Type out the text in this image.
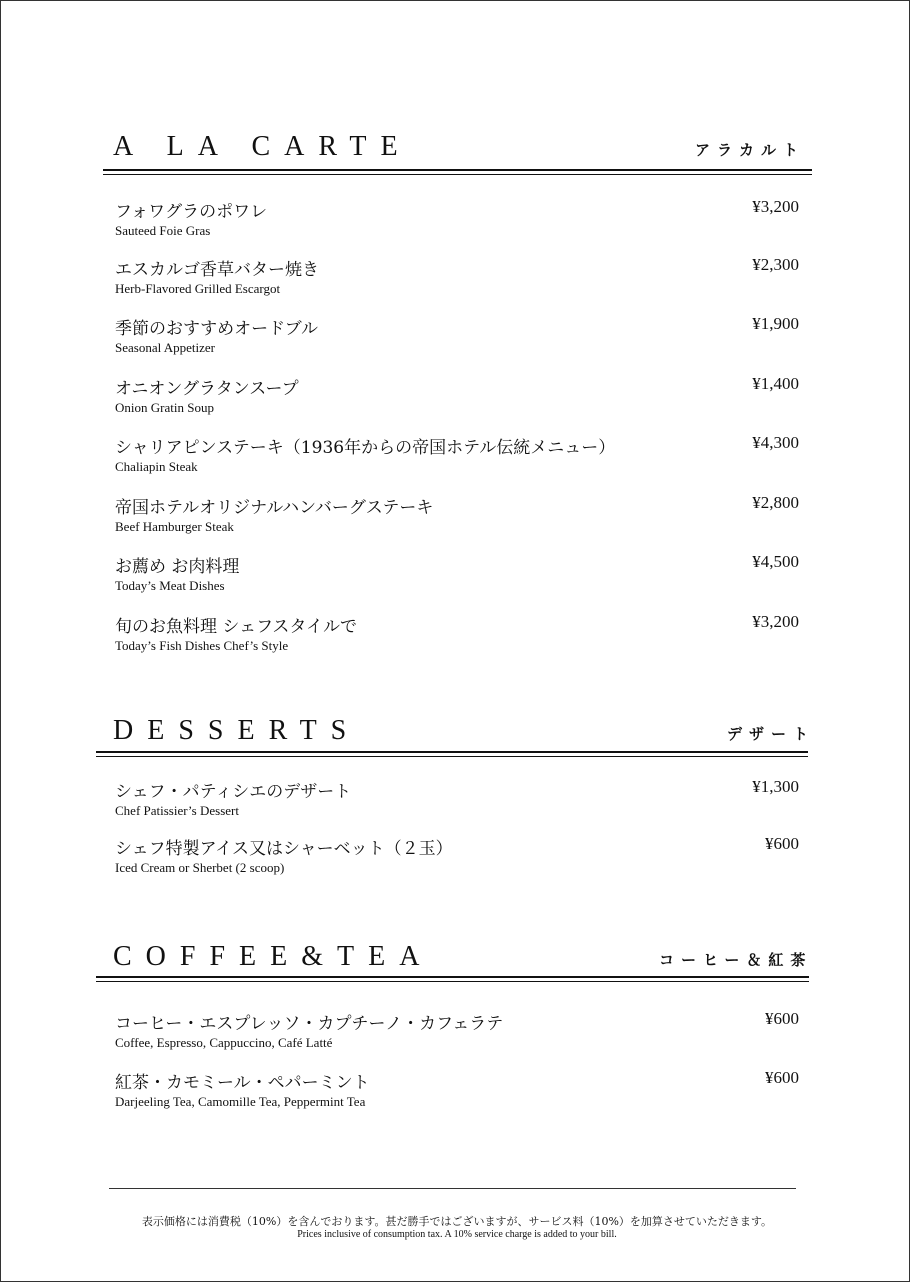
A LA CARTE	アラカルト
フォワグラのポワレ
Sauteed Foie Gras
¥3,200
エスカルゴ香草バター焼き
Herb-Flavored Grilled Escargot
¥2,300
季節のおすすめオードブル
Seasonal Appetizer
¥1,900
オニオングラタンスープ
Onion Gratin Soup
¥1,400
シャリアピンステーキ（1936年からの帝国ホテル伝統メニュー）
Chaliapin Steak
¥4,300
帝国ホテルオリジナルハンバーグステーキ
Beef Hamburger Steak
¥2,800
お薦め お肉料理
Today’s Meat Dishes
¥4,500
旬のお魚料理 シェフスタイルで
Today’s Fish Dishes Chef’s Style
¥3,200
DESSERTS	デザート
シェフ・パティシエのデザート
Chef Patissier’s Dessert
¥1,300
シェフ特製アイス又はシャーベット（２玉）
Iced Cream or Sherbet (2 scoop)
¥600
COFFEE&TEA	コーヒー＆紅茶
コーヒー・エスプレッソ・カプチーノ・カフェラテ
Coffee, Espresso, Cappuccino, Café Latté
¥600
紅茶・カモミール・ペパーミント
Darjeeling Tea, Camomille Tea, Peppermint Tea
¥600
表示価格には消費税（10%）を含んでおります。甚だ勝手ではございますが、サービス料（10%）を加算させていただきます。
Prices inclusive of consumption tax. A 10% service charge is added to your bill.
